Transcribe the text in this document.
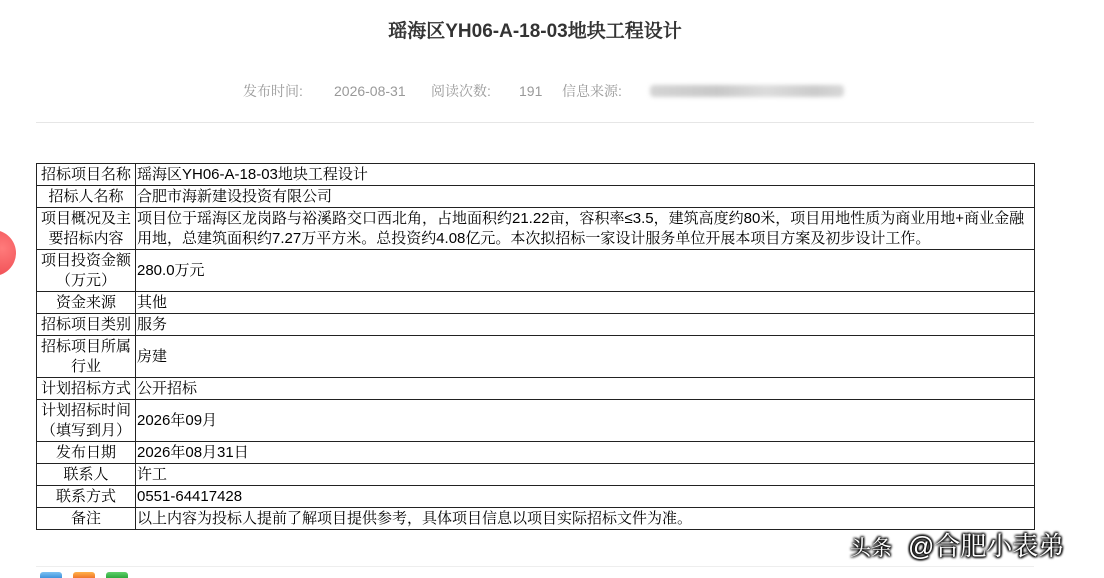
瑶海区YH06-A-18-03地块工程设计
发布时间: 2026-08-31 阅读次数: 191 信息来源:
招标项目名称	瑶海区YH06-A-18-03地块工程设计
招标人名称	合肥市海新建设投资有限公司
项目概况及主要招标内容	项目位于瑶海区龙岗路与裕溪路交口西北角，占地面积约21.22亩，容积率≤3.5，建筑高度约80米，项目用地性质为商业用地+商业金融用地，总建筑面积约7.27万平方米。总投资约4.08亿元。本次拟招标一家设计服务单位开展本项目方案及初步设计工作。
项目投资金额（万元）	280.0万元
资金来源	其他
招标项目类别	服务
招标项目所属行业	房建
计划招标方式	公开招标
计划招标时间（填写到月）	2026年09月
发布日期	2026年08月31日
联系人	许工
联系方式	0551-64417428
备注	以上内容为投标人提前了解项目提供参考，具体项目信息以项目实际招标文件为准。
头条 @合肥小表弟
